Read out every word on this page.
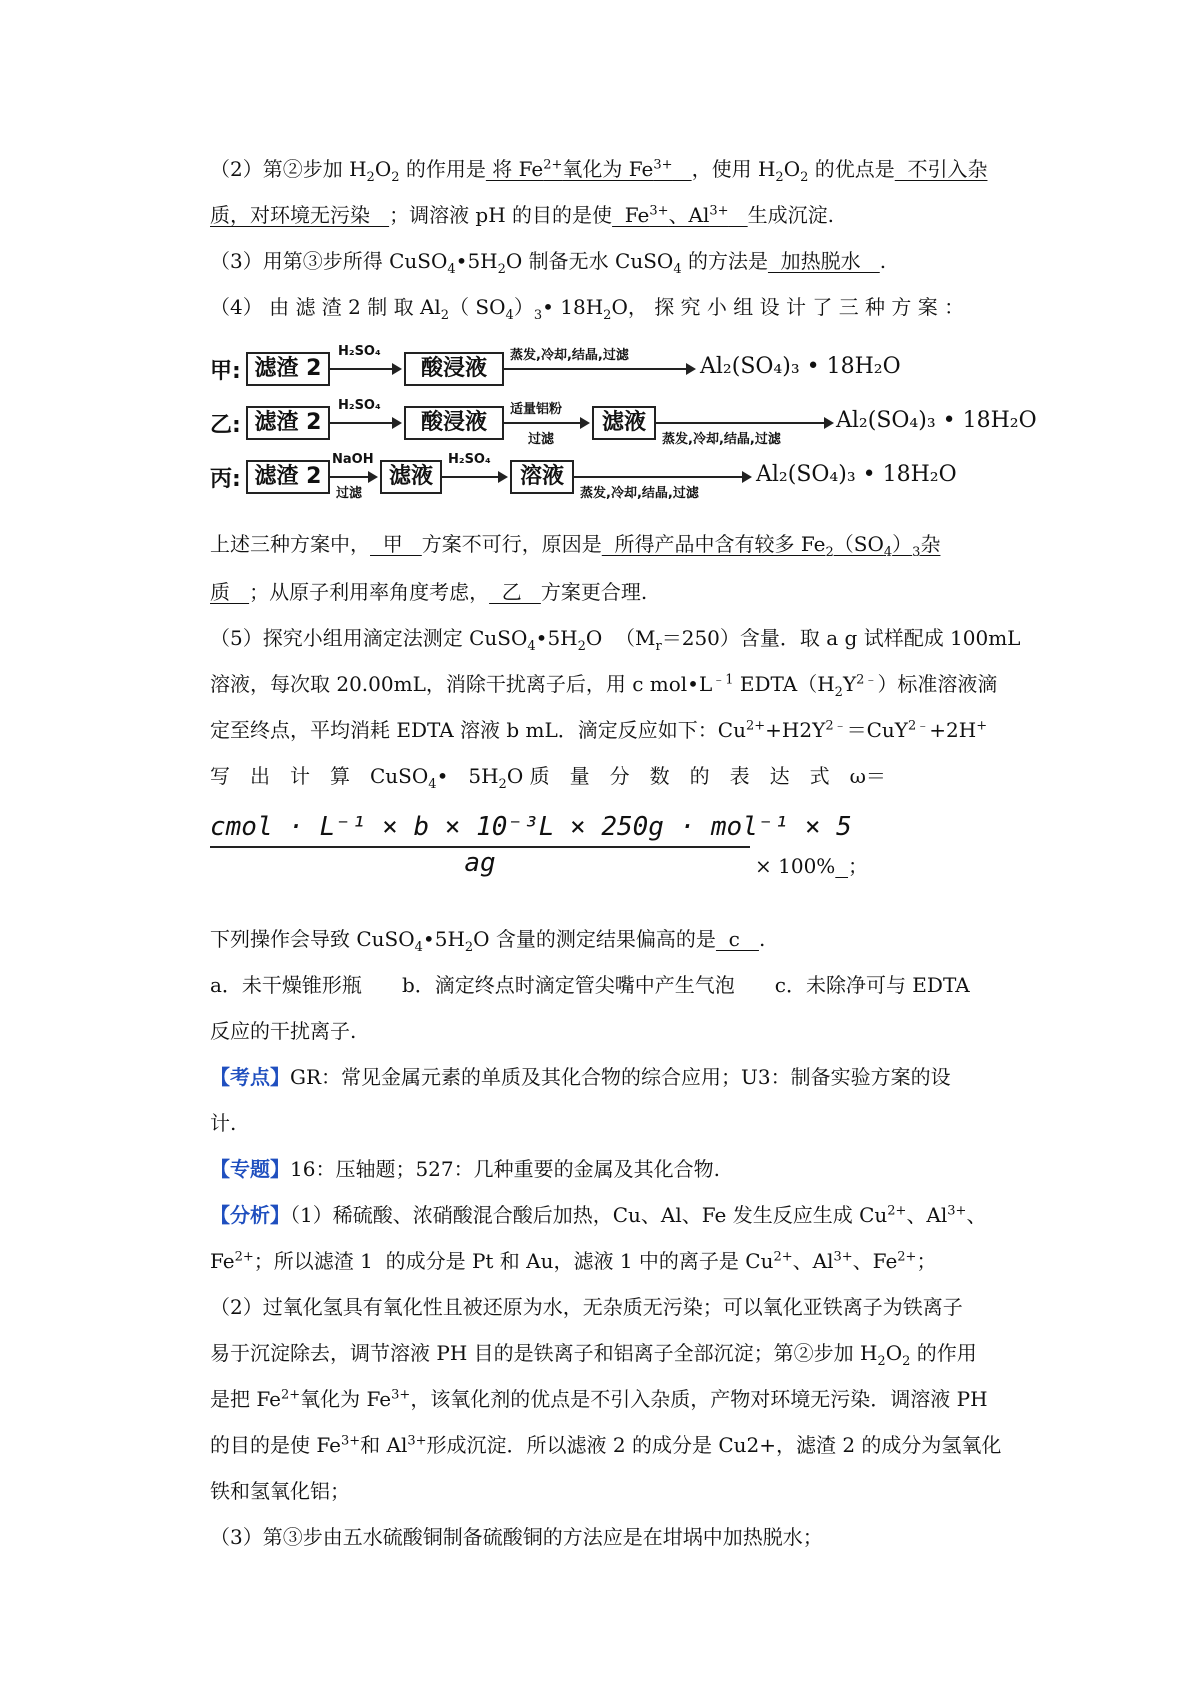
（2）第②步加 $H_2O_2$ 的作用是 将 $Fe^{2+}$氧化为 $Fe^{3+}$ ，使用 $H_2O_2$ 的优点是  不引入杂
质，对环境无污染   ；调溶液 pH 的目的是使  $Fe^{3+}$、$Al^{3+}$ 生成沉淀.
（3）用第③步所得 $CuSO_4•5H_2O$ 制备无水 CuSO$_4$ 的方法是  加热脱水   .
（4） 由 滤 渣 2 制 取 $Al_2$（ $SO_4)_3•$ $18H_2O$， 探 究 小 组 设 计 了 三 种 方 案 ：
甲: 滤渣 2
H₂SO₄
酸浸液
蒸发,冷却,结晶,过滤	Al₂(SO₄)₃ • 18H₂O
乙: 滤渣 2
H₂SO₄
酸浸液
适量铝粉
过滤
滤液
蒸发,冷却,结晶,过滤
Al₂(SO₄)₃ • 18H₂O
丙: 滤渣 2
NaOH
过滤
滤液
H₂SO₄
溶液
蒸发,冷却,结晶,过滤
Al₂(SO₄)₃ • 18H₂O
上述三种方案中，  甲   方案不可行，原因是  所得产品中含有较多 $Fe_2(SO_4)_3$杂
质   ；从原子利用率角度考虑，  乙   方案更合理.
（5）探究小组用滴定法测定 $CuSO_4•5H_2O$  $(M_r=250)$含量．取 a g 试样配成 100mL
溶液，每次取 20.00mL，消除干扰离子后，用 c $mol•L^{﹣1}$ $EDTA(H_2Y^{2﹣})$标准溶液滴
定至终点，平均消耗 EDTA 溶液 b mL．滴定反应如下：$Cu^{2+}+H2Y^{2﹣}=CuY^{2﹣}+2H^+$
写　出　计　算　CuSO$_4$•　$5H_2O$ 质　量　分　数　的　表　达　式　ω＝
cmol · L⁻¹ × b × 10⁻³L × 250g · mol⁻¹ × 5
ag	× 100% ；
下列操作会导致 $CuSO_4•5H_2O$ 含量的测定结果偏高的是  c   .
a．未干燥锥形瓶 b．滴定终点时滴定管尖嘴中产生气泡 c．未除净可与 EDTA
反应的干扰离子.
【考点】GR：常见金属元素的单质及其化合物的综合应用；U3：制备实验方案的设
计.
【专题】16：压轴题；527：几种重要的金属及其化合物.
【分析】（1）稀硫酸、浓硝酸混合酸后加热，Cu、Al、Fe 发生反应生成 $Cu^{2+}$、$Al^{3+}$、
$Fe^{2+}$；所以滤渣 1  的成分是 Pt 和 Au，滤液 1 中的离子是 $Cu^{2+}$、$Al^{3+}$、$Fe^{2+}$；
（2）过氧化氢具有氧化性且被还原为水，无杂质无污染；可以氧化亚铁离子为铁离子
易于沉淀除去，调节溶液 PH 目的是铁离子和铝离子全部沉淀；第②步加 $H_2O_2$ 的作用
是把 $Fe^{2+}$氧化为 $Fe^{3+}$，该氧化剂的优点是不引入杂质，产物对环境无污染．调溶液 PH
的目的是使 $Fe^{3+}$和 $Al^{3+}$形成沉淀．所以滤液 2 的成分是 Cu2+，滤渣 2 的成分为氢氧化
铁和氢氧化铝；
（3）第③步由五水硫酸铜制备硫酸铜的方法应是在坩埚中加热脱水；
